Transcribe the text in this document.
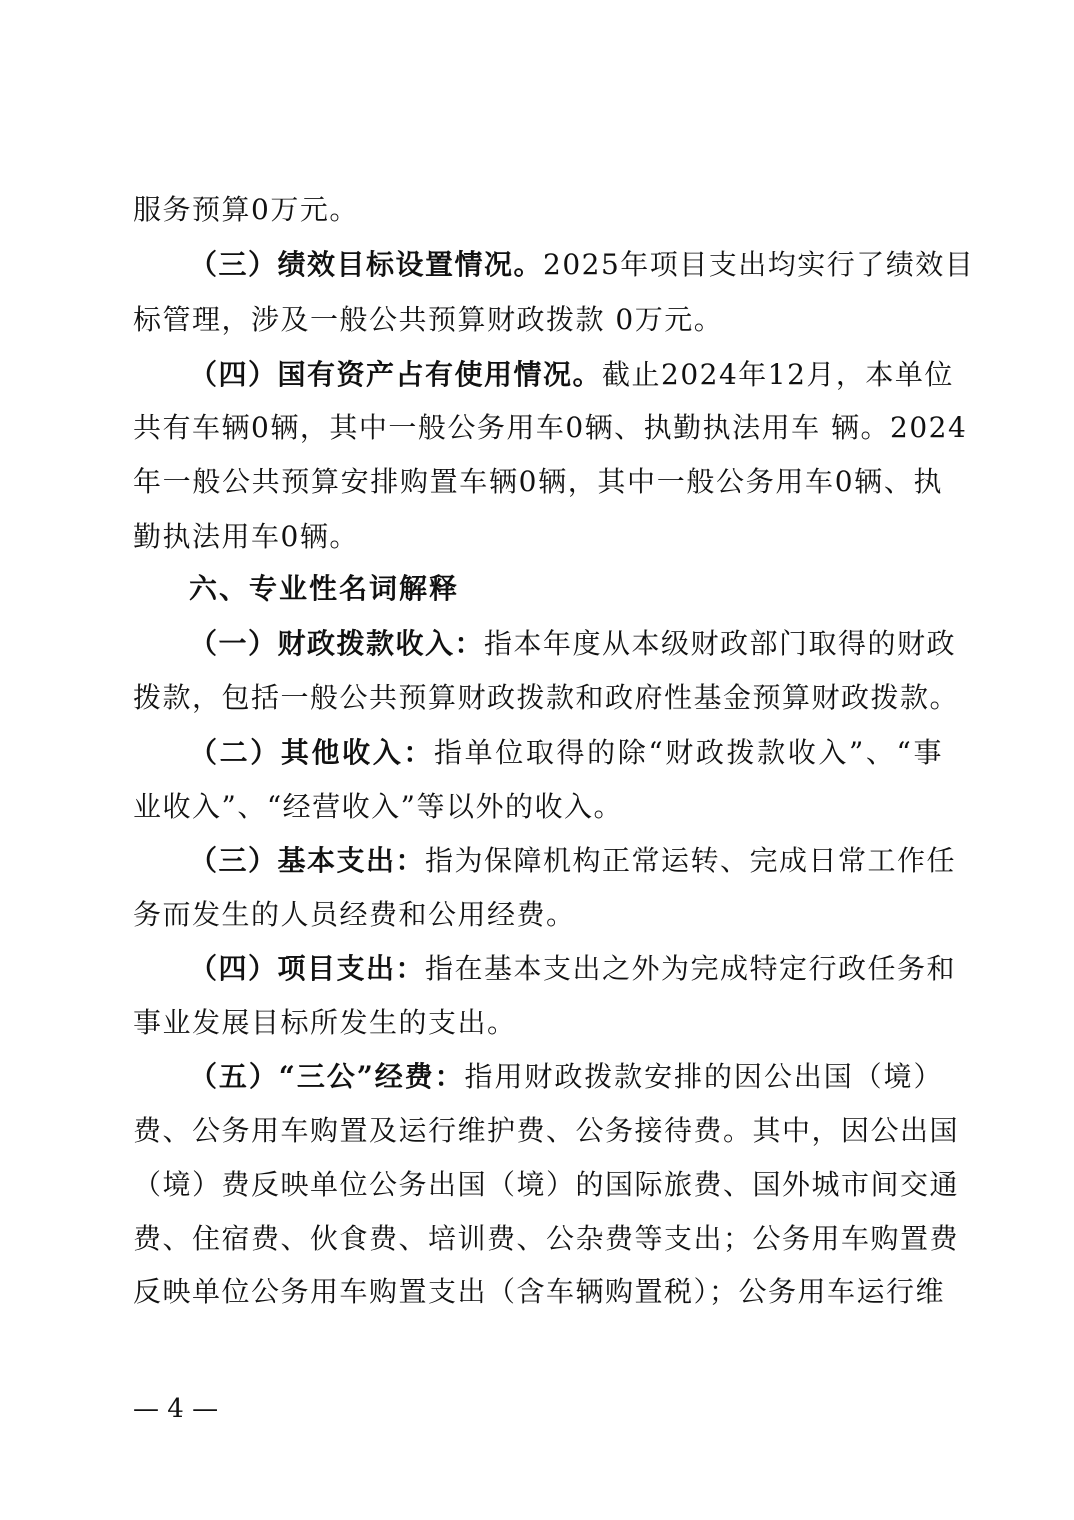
服务预算0万元。
（三）绩效目标设置情况。2025年项目支出均实行了绩效目
标管理，涉及一般公共预算财政拨款 0万元。
（四）国有资产占有使用情况。截止2024年12月，本单位
共有车辆0辆，其中一般公务用车0辆、执勤执法用车 辆。2024
年一般公共预算安排购置车辆0辆，其中一般公务用车0辆、执
勤执法用车0辆。
六、专业性名词解释
（一）财政拨款收入：指本年度从本级财政部门取得的财政
拨款，包括一般公共预算财政拨款和政府性基金预算财政拨款。
（二）其他收入：指单位取得的除“财政拨款收入”、“事
业收入”、“经营收入”等以外的收入。
（三）基本支出：指为保障机构正常运转、完成日常工作任
务而发生的人员经费和公用经费。
（四）项目支出：指在基本支出之外为完成特定行政任务和
事业发展目标所发生的支出。
（五）“三公”经费：指用财政拨款安排的因公出国（境）
费、公务用车购置及运行维护费、公务接待费。其中，因公出国
（境）费反映单位公务出国（境）的国际旅费、国外城市间交通
费、住宿费、伙食费、培训费、公杂费等支出；公务用车购置费
反映单位公务用车购置支出（含车辆购置税）；公务用车运行维
— 4 —
